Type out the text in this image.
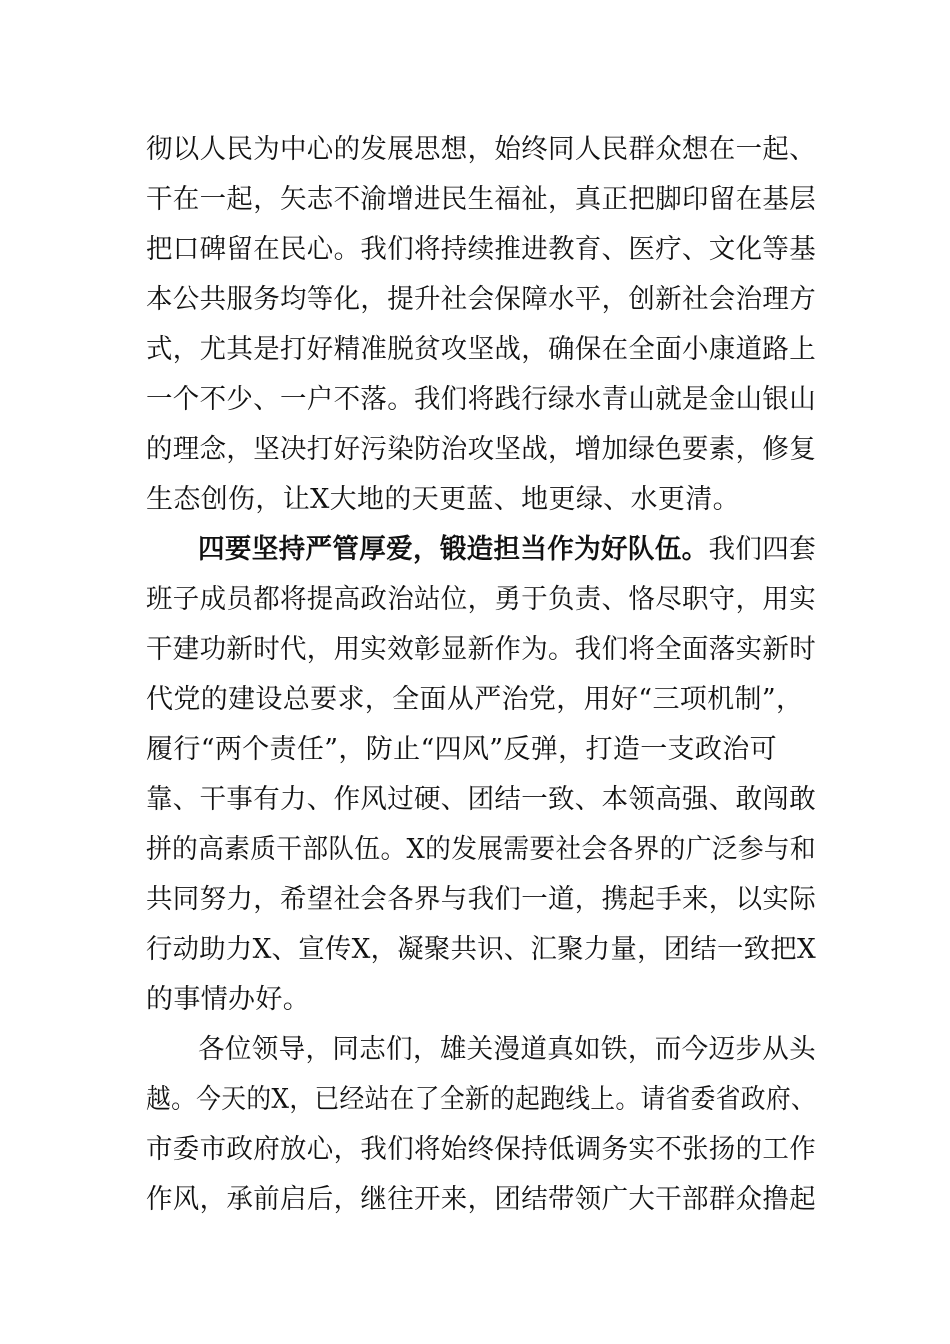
彻以人民为中心的发展思想，始终同人民群众想在一起、
干在一起，矢志不渝增进民生福祉，真正把脚印留在基层
把口碑留在民心。我们将持续推进教育、医疗、文化等基
本公共服务均等化，提升社会保障水平，创新社会治理方
式，尤其是打好精准脱贫攻坚战，确保在全面小康道路上
一个不少、一户不落。我们将践行绿水青山就是金山银山
的理念，坚决打好污染防治攻坚战，增加绿色要素，修复
生态创伤，让X大地的天更蓝、地更绿、水更清。
四要坚持严管厚爱，锻造担当作为好队伍。我们四套
班子成员都将提高政治站位，勇于负责、恪尽职守，用实
干建功新时代，用实效彰显新作为。我们将全面落实新时
代党的建设总要求，全面从严治党，用好“三项机制”，
履行“两个责任”，防止“四风”反弹，打造一支政治可
靠、干事有力、作风过硬、团结一致、本领高强、敢闯敢
拼的高素质干部队伍。X的发展需要社会各界的广泛参与和
共同努力，希望社会各界与我们一道，携起手来，以实际
行动助力X、宣传X，凝聚共识、汇聚力量，团结一致把X
的事情办好。
各位领导，同志们，雄关漫道真如铁，而今迈步从头
越。今天的X，已经站在了全新的起跑线上。请省委省政府、
市委市政府放心，我们将始终保持低调务实不张扬的工作
作风，承前启后，继往开来，团结带领广大干部群众撸起
